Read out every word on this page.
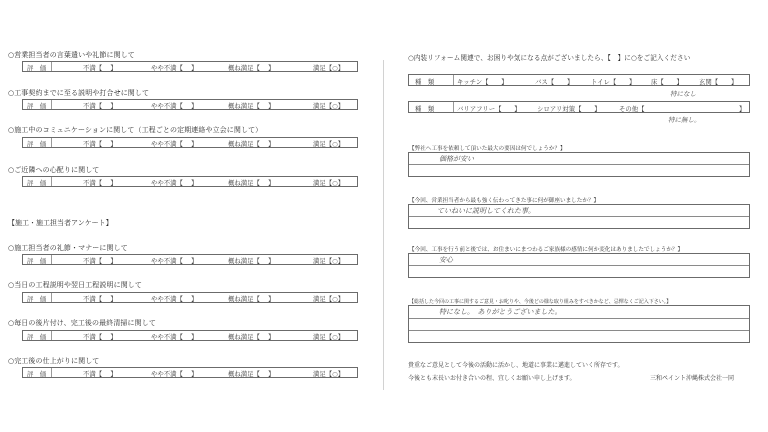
○営業担当者の言葉遣いや礼節に関して
評　価	不満【 】	やや不満【 】	概ね満足【 】	満足【○】
○工事契約までに至る説明や打合せに関して
評　価	不満【 】	やや不満【 】	概ね満足【 】	満足【○】
○施工中のコミュニケーションに関して（工程ごとの定期連絡や立会に関して）
評　価	不満【 】	やや不満【 】	概ね満足【 】	満足【○】
○ご近隣への心配りに関して
評　価	不満【 】	やや不満【 】	概ね満足【 】	満足【○】
【施工・施工担当者アンケート】
○施工担当者の礼節・マナーに関して
評　価	不満【 】	やや不満【 】	概ね満足【 】	満足【○】
○当日の工程説明や翌日工程説明に関して
評　価	不満【 】	やや不満【 】	概ね満足【 】	満足【○】
○毎日の後片付け、完工後の最終清掃に関して
評　価	不満【 】	やや不満【 】	概ね満足【 】	満足【○】
○完工後の仕上がりに関して
評　価	不満【 】	やや不満【 】	概ね満足【 】	満足【○】
○内装リフォーム関連で、お困りや気になる点がございましたら、【　】に○をご記入ください
種　類	キッチン【　　】	バス【　　】	トイレ【　　】 床【　　】	玄関【　　】
特になし
種　類	バリアフリー【　　】	シロアリ対策【　　】	その他【	】
特に無し。
【弊社へ工事を依頼して頂いた最大の要因は何でしょうか？】
価格が安い
【今回、営業担当者から最も強く伝わってきた事に何が御座いましたか？】
ていねいに説明してくれた事。
【今回、工事を行う前と後では、お住まいにまつわるご家族様の感情に何か変化はありましたでしょうか？】
安心
【総括した今回の工事に関するご意見・お叱りや、今後どの様な取り組みをすべきかなど、忌憚なくご記入下さい。】
特になし。　ありがとうございました。
貴重なご意見として今後の活動に活かし、地道に事業に邁進していく所存です。
今後とも末長いお付き合いの程、宜しくお願い申し上げます。	三和ペイント沖縄株式会社一同
